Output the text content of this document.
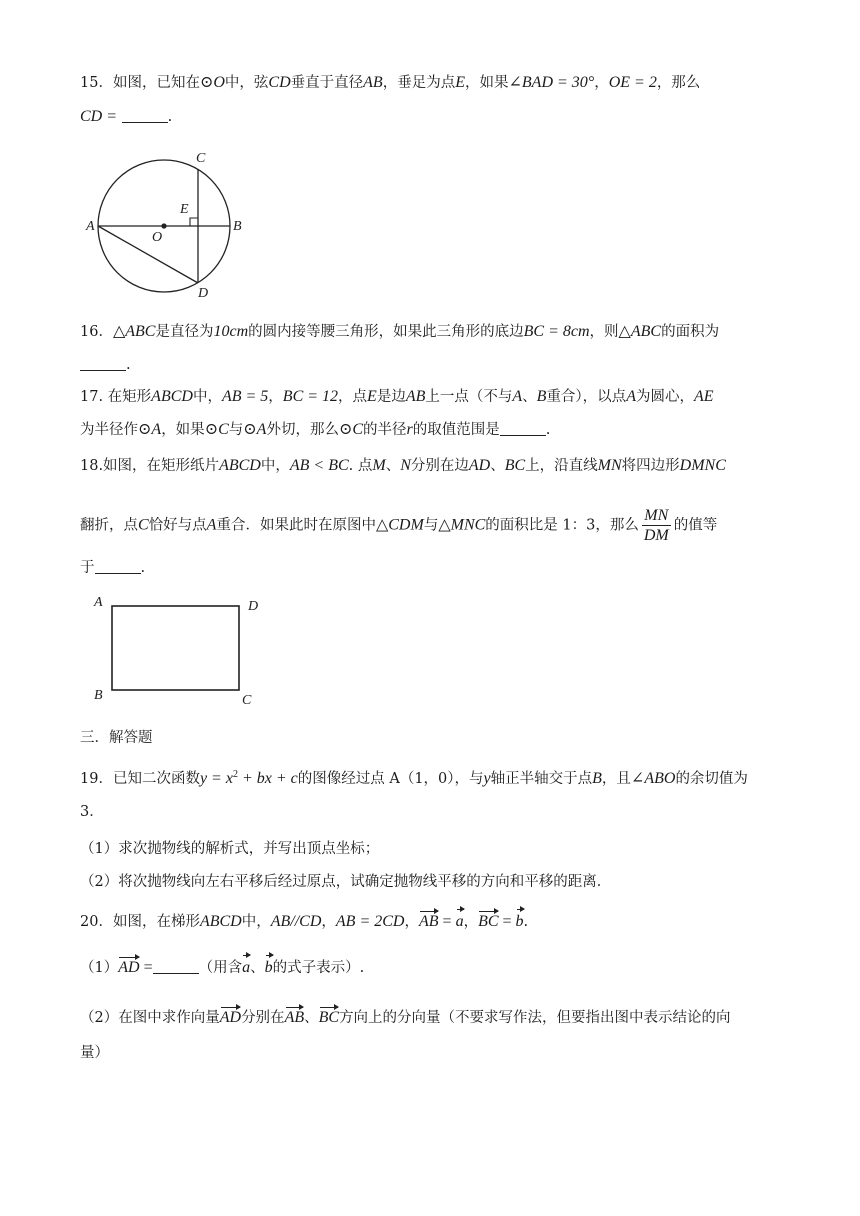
15．如图，已知在⊙O中，弦CD垂直于直径AB，垂足为点E，如果∠BAD = 30°，OE = 2，那么
CD =	.
C
E
A
O
B
D
16．△ABC是直径为10cm的圆内接等腰三角形，如果此三角形的底边BC = 8cm，则△ABC的面积为
.
17. 在矩形ABCD中，AB = 5，BC = 12，点E是边AB上一点（不与A、B重合），以点A为圆心，AE
为半径作⊙A，如果⊙C与⊙A外切，那么⊙C的半径r的取值范围是	.
18.如图，在矩形纸片ABCD中，AB < BC. 点M、N分别在边AD、BC上，沿直线MN将四边形DMNC
翻折，点C恰好与点A重合．如果此时在原图中△CDM与△MNC的面积比是 1：3，那么 $\frac{MN}{DM}$ 的值等
于	.
A	D
B	C
三．解答题
19．已知二次函数$y = x^2$ + bx + c的图像经过点 A（1，0），与y轴正半轴交于点B，且∠ABO的余切值为
3．
（1）求次抛物线的解析式，并写出顶点坐标；
（2）将次抛物线向左右平移后经过原点，试确定抛物线平移的方向和平移的距离．
20．如图，在梯形ABCD中，AB//CD，AB = 2CD，AB = a，BC = b.
（1）AD =	（用含a、b的式子表示）.
（2）在图中求作向量AD分别在AB、BC方向上的分向量（不要求写作法，但要指出图中表示结论的向
量）
